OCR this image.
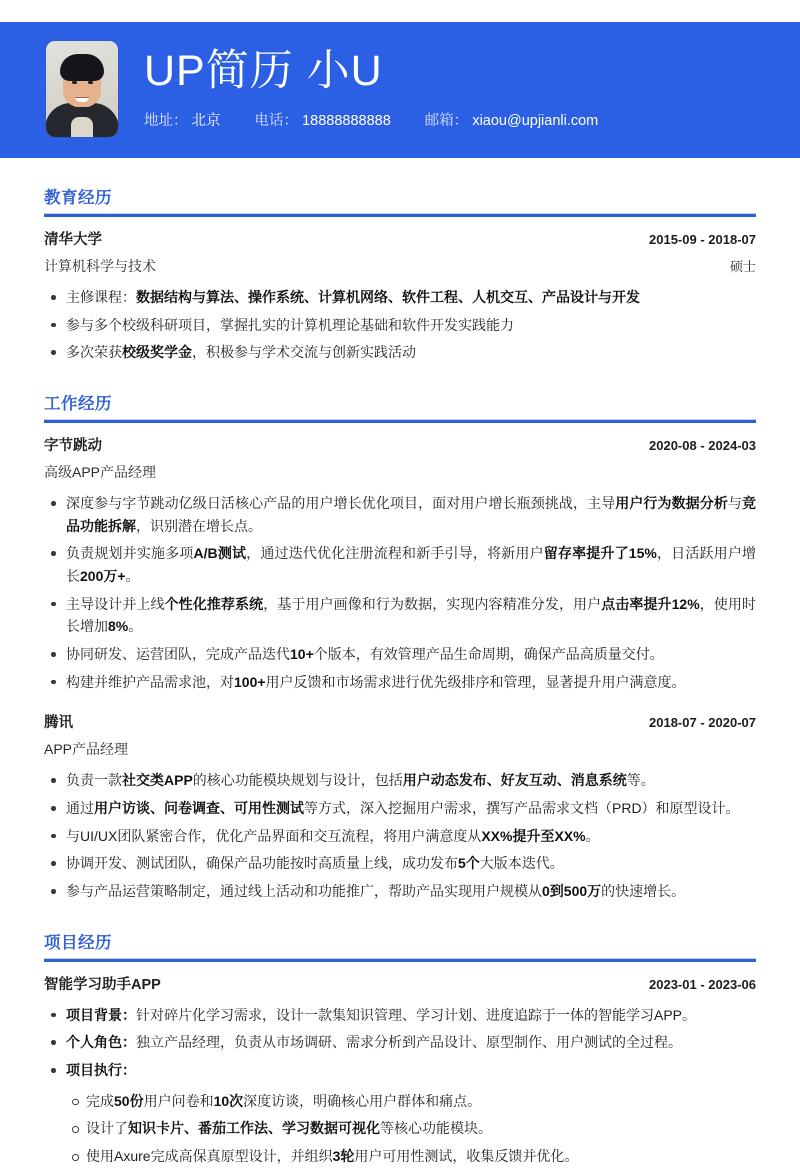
UP简历 小U
地址： 北京 电话： 18888888888 邮箱： xiaou@upjianli.com
教育经历
清华大学	2015-09 - 2018-07
计算机科学与技术	硕士
主修课程：数据结构与算法、操作系统、计算机网络、软件工程、人机交互、产品设计与开发
参与多个校级科研项目，掌握扎实的计算机理论基础和软件开发实践能力
多次荣获校级奖学金，积极参与学术交流与创新实践活动
工作经历
字节跳动	2020-08 - 2024-03
高级APP产品经理
深度参与字节跳动亿级日活核心产品的用户增长优化项目，面对用户增长瓶颈挑战，主导用户行为数据分析与竞品功能拆解，识别潜在增长点。
负责规划并实施多项A/B测试，通过迭代优化注册流程和新手引导，将新用户留存率提升了15%，日活跃用户增长200万+。
主导设计并上线个性化推荐系统，基于用户画像和行为数据，实现内容精准分发，用户点击率提升12%，使用时长增加8%。
协同研发、运营团队，完成产品迭代10+个版本，有效管理产品生命周期，确保产品高质量交付。
构建并维护产品需求池，对100+用户反馈和市场需求进行优先级排序和管理，显著提升用户满意度。
腾讯	2018-07 - 2020-07
APP产品经理
负责一款社交类APP的核心功能模块规划与设计，包括用户动态发布、好友互动、消息系统等。
通过用户访谈、问卷调查、可用性测试等方式，深入挖掘用户需求，撰写产品需求文档（PRD）和原型设计。
与UI/UX团队紧密合作，优化产品界面和交互流程，将用户满意度从XX%提升至XX%。
协调开发、测试团队，确保产品功能按时高质量上线，成功发布5个大版本迭代。
参与产品运营策略制定，通过线上活动和功能推广，帮助产品实现用户规模从0到500万的快速增长。
项目经历
智能学习助手APP	2023-01 - 2023-06
项目背景：针对碎片化学习需求，设计一款集知识管理、学习计划、进度追踪于一体的智能学习APP。
个人角色：独立产品经理，负责从市场调研、需求分析到产品设计、原型制作、用户测试的全过程。
项目执行：
完成50份用户问卷和10次深度访谈，明确核心用户群体和痛点。
设计了知识卡片、番茄工作法、学习数据可视化等核心功能模块。
使用Axure完成高保真原型设计，并组织3轮用户可用性测试，收集反馈并优化。
